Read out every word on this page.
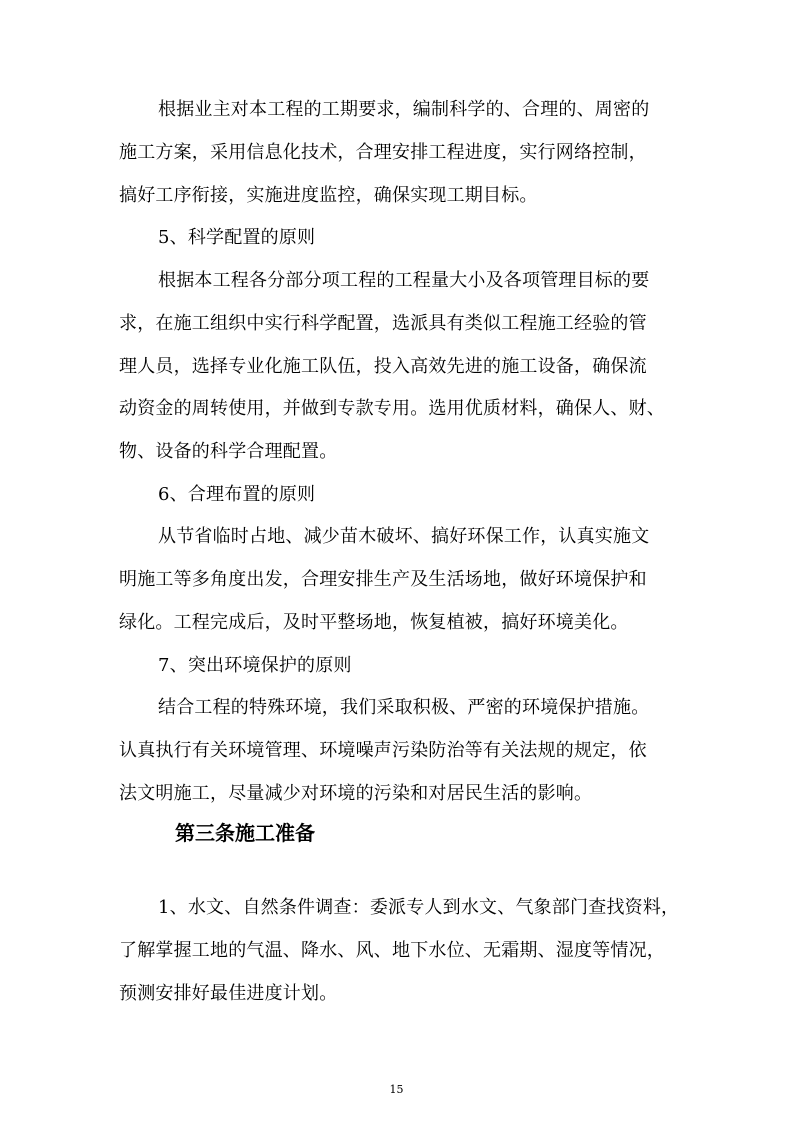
根据业主对本工程的工期要求，编制科学的、合理的、周密的
施工方案，采用信息化技术，合理安排工程进度，实行网络控制，
搞好工序衔接，实施进度监控，确保实现工期目标。
5、科学配置的原则
根据本工程各分部分项工程的工程量大小及各项管理目标的要
求，在施工组织中实行科学配置，选派具有类似工程施工经验的管
理人员，选择专业化施工队伍，投入高效先进的施工设备，确保流
动资金的周转使用，并做到专款专用。选用优质材料，确保人、财、
物、设备的科学合理配置。
6、合理布置的原则
从节省临时占地、减少苗木破坏、搞好环保工作，认真实施文
明施工等多角度出发，合理安排生产及生活场地，做好环境保护和
绿化。工程完成后，及时平整场地，恢复植被，搞好环境美化。
7、突出环境保护的原则
结合工程的特殊环境，我们采取积极、严密的环境保护措施。
认真执行有关环境管理、环境噪声污染防治等有关法规的规定，依
法文明施工，尽量减少对环境的污染和对居民生活的影响。
第三条施工准备
1、水文、自然条件调查：委派专人到水文、气象部门查找资料，
了解掌握工地的气温、降水、风、地下水位、无霜期、湿度等情况，
预测安排好最佳进度计划。
15
